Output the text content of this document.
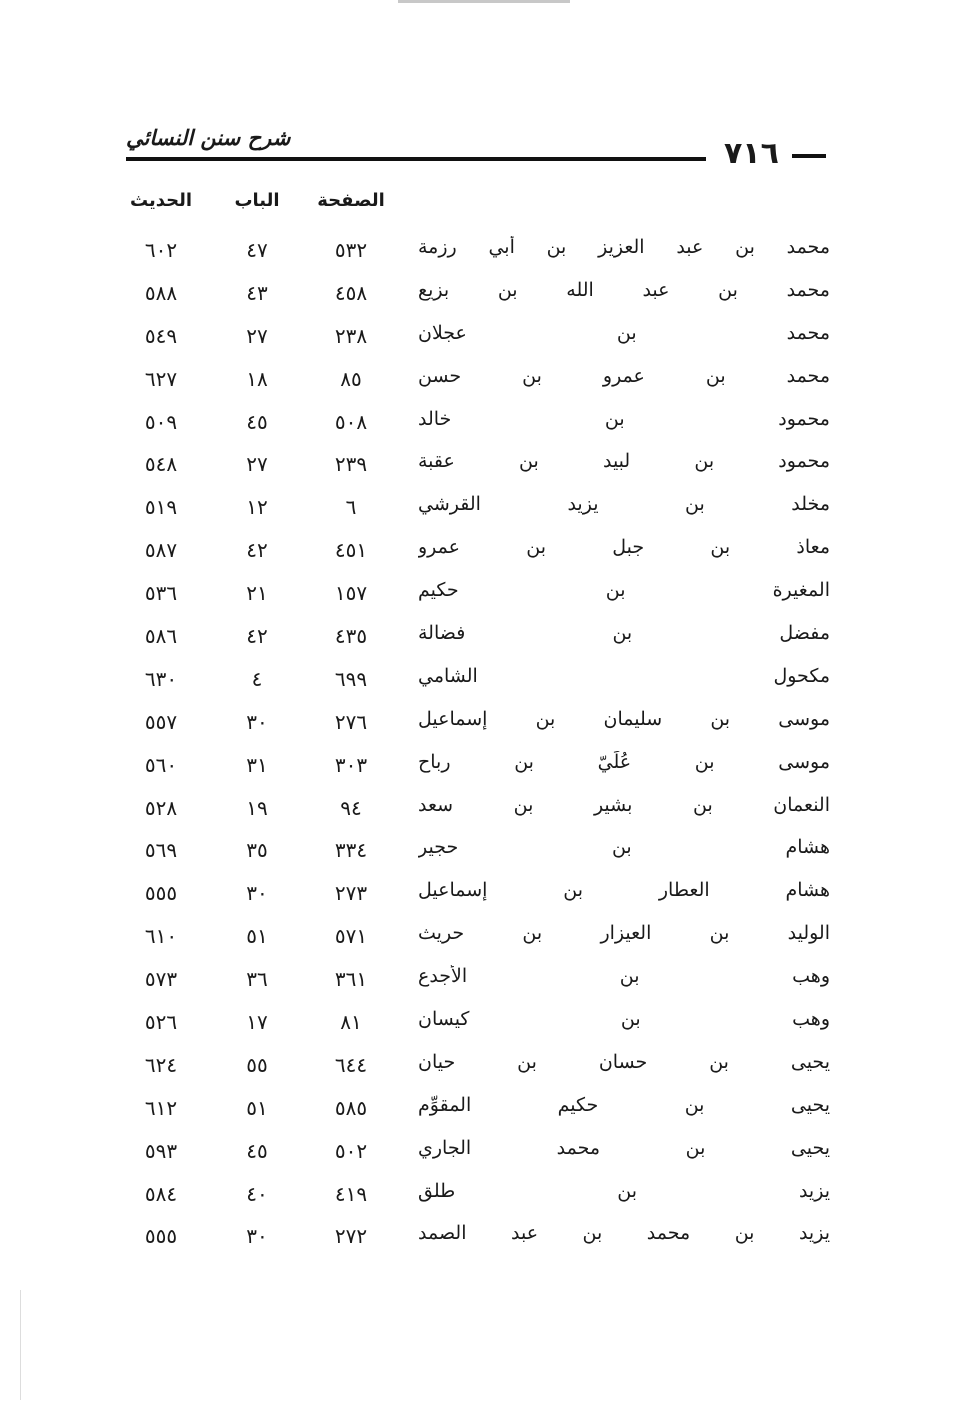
شرح سنن النسائي	٧١٦
الحديث	الباب	الصفحة
٦٠٢	٤٧	٥٣٢	محمد بن عبد العزيز بن أبي رزمة
٥٨٨	٤٣	٤٥٨	محمد بن عبد الله بن بزيع
٥٤٩	٢٧	٢٣٨	محمد بن عجلان
٦٢٧	١٨	٨٥	محمد بن عمرو بن حسن
٥٠٩	٤٥	٥٠٨	محمود بن خالد
٥٤٨	٢٧	٢٣٩	محمود بن لبيد بن عقبة
٥١٩	١٢	٦	مخلد بن يزيد القرشي
٥٨٧	٤٢	٤٥١	معاذ بن جبل بن عمرو
٥٣٦	٢١	١٥٧	المغيرة بن حكيم
٥٨٦	٤٢	٤٣٥	مفضل بن فضالة
٦٣٠	٤	٦٩٩	مكحول الشامي
٥٥٧	٣٠	٢٧٦	موسى بن سليمان بن إسماعيل
٥٦٠	٣١	٣٠٣	موسى بن عُلَيّ بن رباح
٥٢٨	١٩	٩٤	النعمان بن بشير بن سعد
٥٦٩	٣٥	٣٣٤	هشام بن حجير
٥٥٥	٣٠	٢٧٣	هشام العطار بن إسماعيل
٦١٠	٥١	٥٧١	الوليد بن العيزار بن حريث
٥٧٣	٣٦	٣٦١	وهب بن الأجدع
٥٢٦	١٧	٨١	وهب بن كيسان
٦٢٤	٥٥	٦٤٤	يحيى بن حسان بن حيان
٦١٢	٥١	٥٨٥	يحيى بن حكيم المقوِّم
٥٩٣	٤٥	٥٠٢	يحيى بن محمد الجاري
٥٨٤	٤٠	٤١٩	يزيد بن طلق
٥٥٥	٣٠	٢٧٢	يزيد بن محمد بن عبد الصمد
